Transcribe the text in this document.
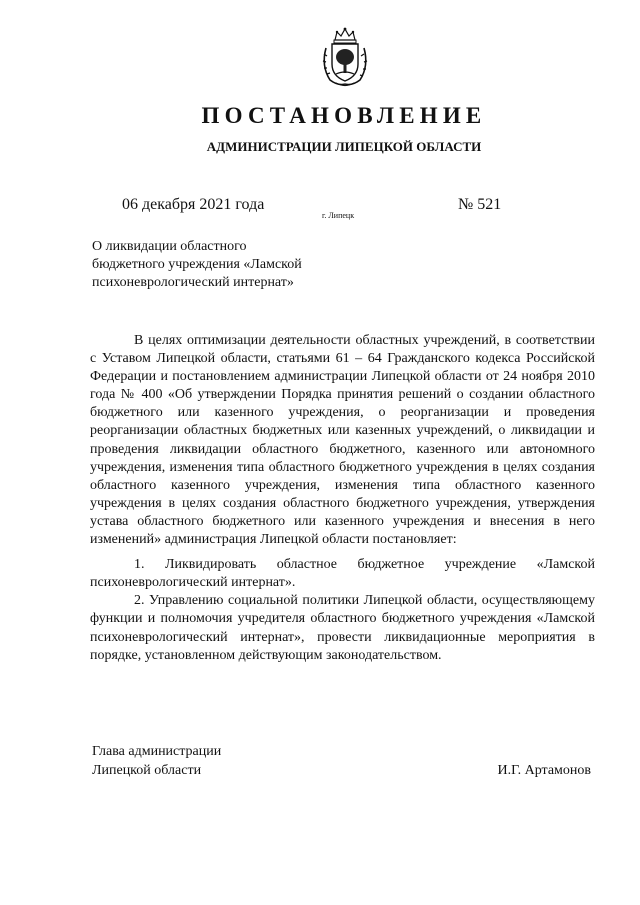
ПОСТАНОВЛЕНИЕ
АДМИНИСТРАЦИИ ЛИПЕЦКОЙ ОБЛАСТИ
06 декабря 2021 года
г. Липецк
№ 521
О ликвидации областного
бюджетного учреждения «Ламской
психоневрологический интернат»

В целях оптимизации деятельности областных учреждений, в соответствии с Уставом Липецкой области, статьями 61 – 64 Гражданского кодекса Российской Федерации и постановлением администрации Липецкой области от 24 ноября 2010 года № 400 «Об утверждении Порядка принятия решений о создании областного бюджетного или казенного учреждения, о реорганизации и проведения реорганизации областных бюджетных или казенных учреждений, о ликвидации и проведения ликвидации областного бюджетного, казенного или автономного учреждения, изменения типа областного бюджетного учреждения в целях создания областного казенного учреждения, изменения типа областного казенного учреждения в целях создания областного бюджетного учреждения, утверждения устава областного бюджетного или казенного учреждения и внесения в него изменений» администрация Липецкой области постановляет:

1. Ликвидировать областное бюджетное учреждение «Ламской психоневрологический интернат».

2. Управлению социальной политики Липецкой области, осуществляющему функции и полномочия учредителя областного бюджетного учреждения «Ламской психоневрологический интернат», провести ликвидационные мероприятия в порядке, установленном действующим законодательством.

Глава администрации
Липецкой области	И.Г. Артамонов
